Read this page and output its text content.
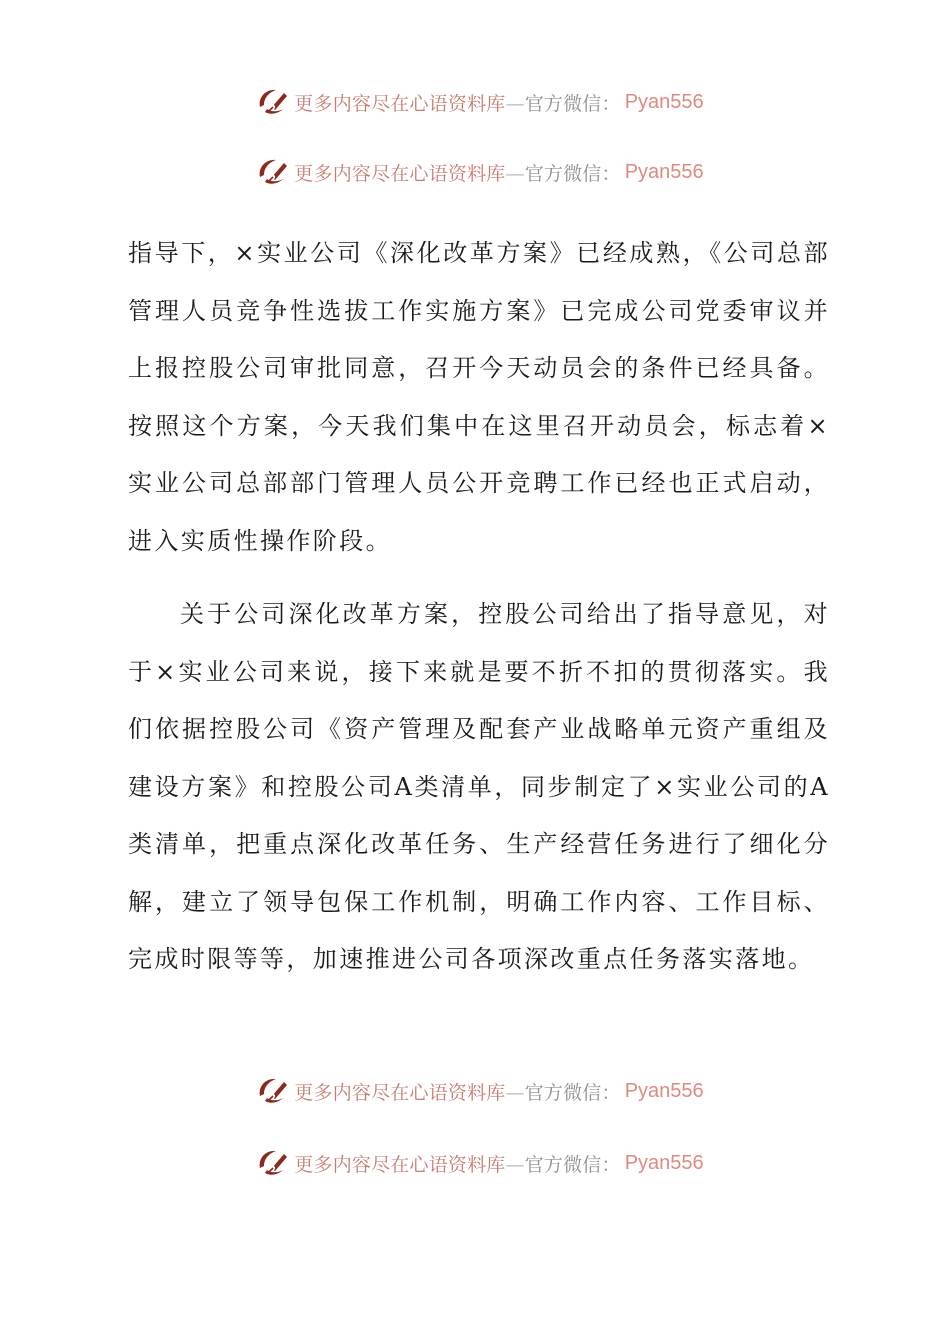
更多内容尽在心语资料库—官方微信： Pyan556
更多内容尽在心语资料库—官方微信： Pyan556

指导下，×实业公司《深化改革方案》已经成熟，《公司总部管理人员竞争性选拔工作实施方案》已完成公司党委审议并上报控股公司审批同意，召开今天动员会的条件已经具备。按照这个方案，今天我们集中在这里召开动员会，标志着×实业公司总部部门管理人员公开竞聘工作已经也正式启动，进入实质性操作阶段。

关于公司深化改革方案，控股公司给出了指导意见，对于×实业公司来说，接下来就是要不折不扣的贯彻落实。我们依据控股公司《资产管理及配套产业战略单元资产重组及建设方案》和控股公司A类清单，同步制定了×实业公司的A类清单，把重点深化改革任务、生产经营任务进行了细化分解，建立了领导包保工作机制，明确工作内容、工作目标、完成时限等等，加速推进公司各项深改重点任务落实落地。

更多内容尽在心语资料库—官方微信： Pyan556
更多内容尽在心语资料库—官方微信： Pyan556
